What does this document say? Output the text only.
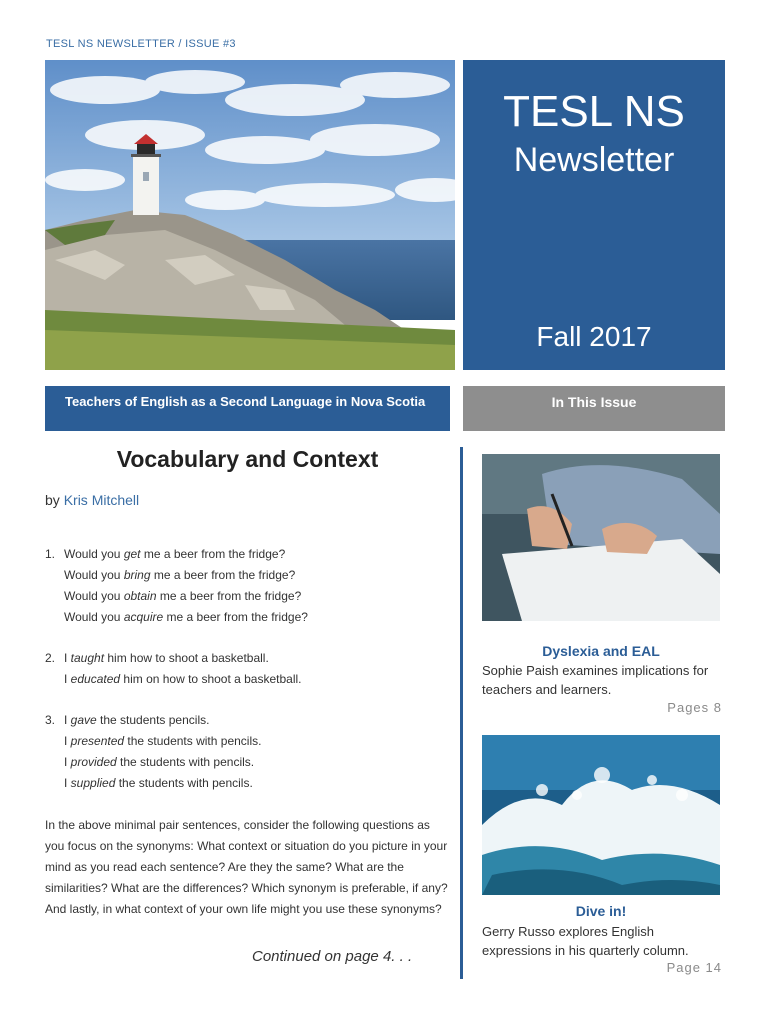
TESL NS NEWSLETTER / ISSUE #3
TESL NS
Newsletter
Fall 2017
Teachers of English as a Second Language in Nova Scotia	In This Issue
Vocabulary and Context
by Kris Mitchell
1. Would you get me a beer from the fridge?
Would you bring me a beer from the fridge?
Would you obtain me a beer from the fridge?
Would you acquire me a beer from the fridge?
2. I taught him how to shoot a basketball.
I educated him on how to shoot a basketball.
3. I gave the students pencils.
I presented the students with pencils.
I provided the students with pencils.
I supplied the students with pencils.
In the above minimal pair sentences, consider the following questions as you focus on the synonyms: What context or situation do you picture in your mind as you read each sentence? Are they the same? What are the similarities? What are the differences? Which synonym is preferable, if any? And lastly, in what context of your own life might you use these synonyms?
Continued on page 4. . .
Dyslexia and EAL
Sophie Paish examines implications for teachers and learners.
Pages 8
Dive in!
Gerry Russo explores English expressions in his quarterly column.
Page 14
